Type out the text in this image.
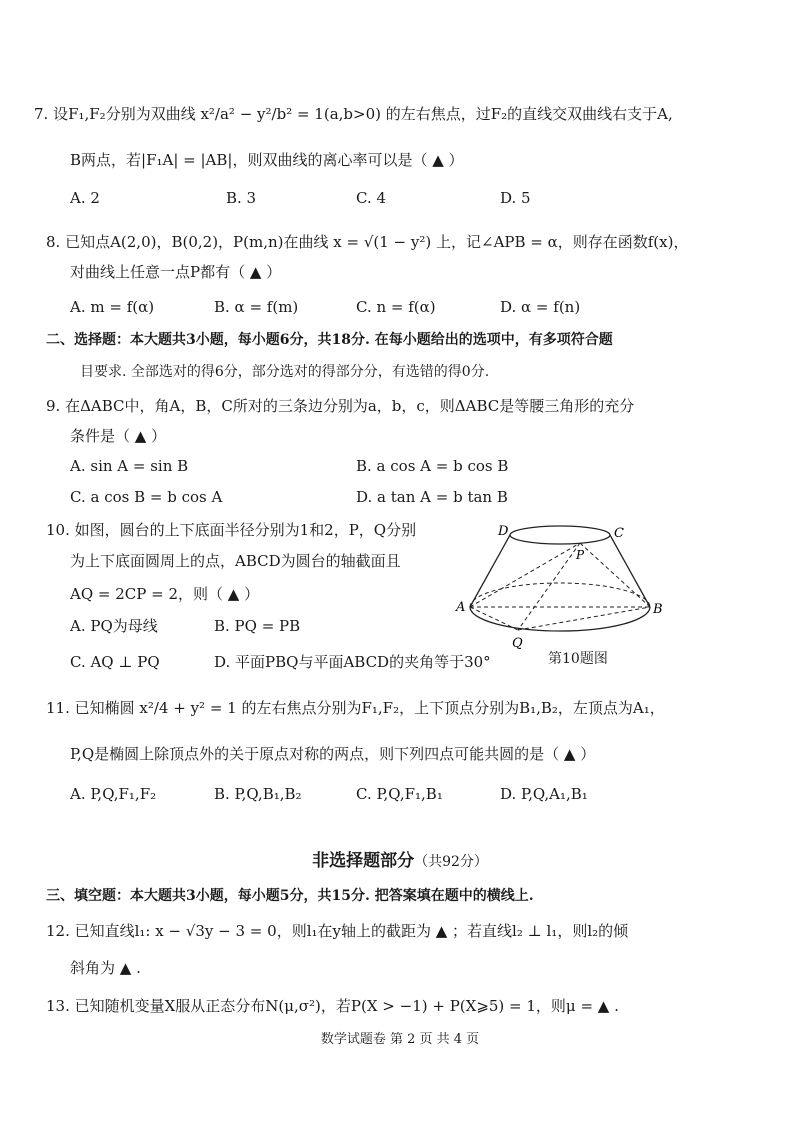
7. 设F₁,F₂分别为双曲线 x²/a² − y²/b² = 1(a,b>0) 的左右焦点，过F₂的直线交双曲线右支于A,
B两点，若|F₁A| = |AB|，则双曲线的离心率可以是（ ▲ ）
A. 2	B. 3	C. 4	D. 5
8. 已知点A(2,0)，B(0,2)，P(m,n)在曲线 x = √(1 − y²) 上，记∠APB = α，则存在函数f(x)，
对曲线上任意一点P都有（ ▲ ）
A. m = f(α)	B. α = f(m)	C. n = f(α)	D. α = f(n)
二、选择题：本大题共3小题，每小题6分，共18分. 在每小题给出的选项中，有多项符合题
目要求. 全部选对的得6分，部分选对的得部分分，有选错的得0分.
9. 在ΔABC中，角A，B，C所对的三条边分别为a，b，c，则ΔABC是等腰三角形的充分
条件是（ ▲ ）
A. sin A = sin B	B. a cos A = b cos B
C. a cos B = b cos A	D. a tan A = b tan B
10. 如图，圆台的上下底面半径分别为1和2，P，Q分别
为上下底面圆周上的点，ABCD为圆台的轴截面且
AQ = 2CP = 2，则（ ▲ ）
A. PQ为母线	B. PQ = PB
C. AQ ⊥ PQ	D. 平面PBQ与平面ABCD的夹角等于30°
D	C
P
A	B
Q
第10题图
11. 已知椭圆 x²/4 + y² = 1 的左右焦点分别为F₁,F₂，上下顶点分别为B₁,B₂，左顶点为A₁，
P,Q是椭圆上除顶点外的关于原点对称的两点，则下列四点可能共圆的是（ ▲ ）
A. P,Q,F₁,F₂	B. P,Q,B₁,B₂	C. P,Q,F₁,B₁	D. P,Q,A₁,B₁
非选择题部分（共92分）
三、填空题：本大题共3小题，每小题5分，共15分. 把答案填在题中的横线上.
12. 已知直线l₁: x − √3y − 3 = 0，则l₁在y轴上的截距为 ▲ ；若直线l₂ ⊥ l₁，则l₂的倾
斜角为 ▲ .
13. 已知随机变量X服从正态分布N(μ,σ²)，若P(X > −1) + P(X⩾5) = 1，则μ = ▲ .
数学试题卷 第 2 页 共 4 页
